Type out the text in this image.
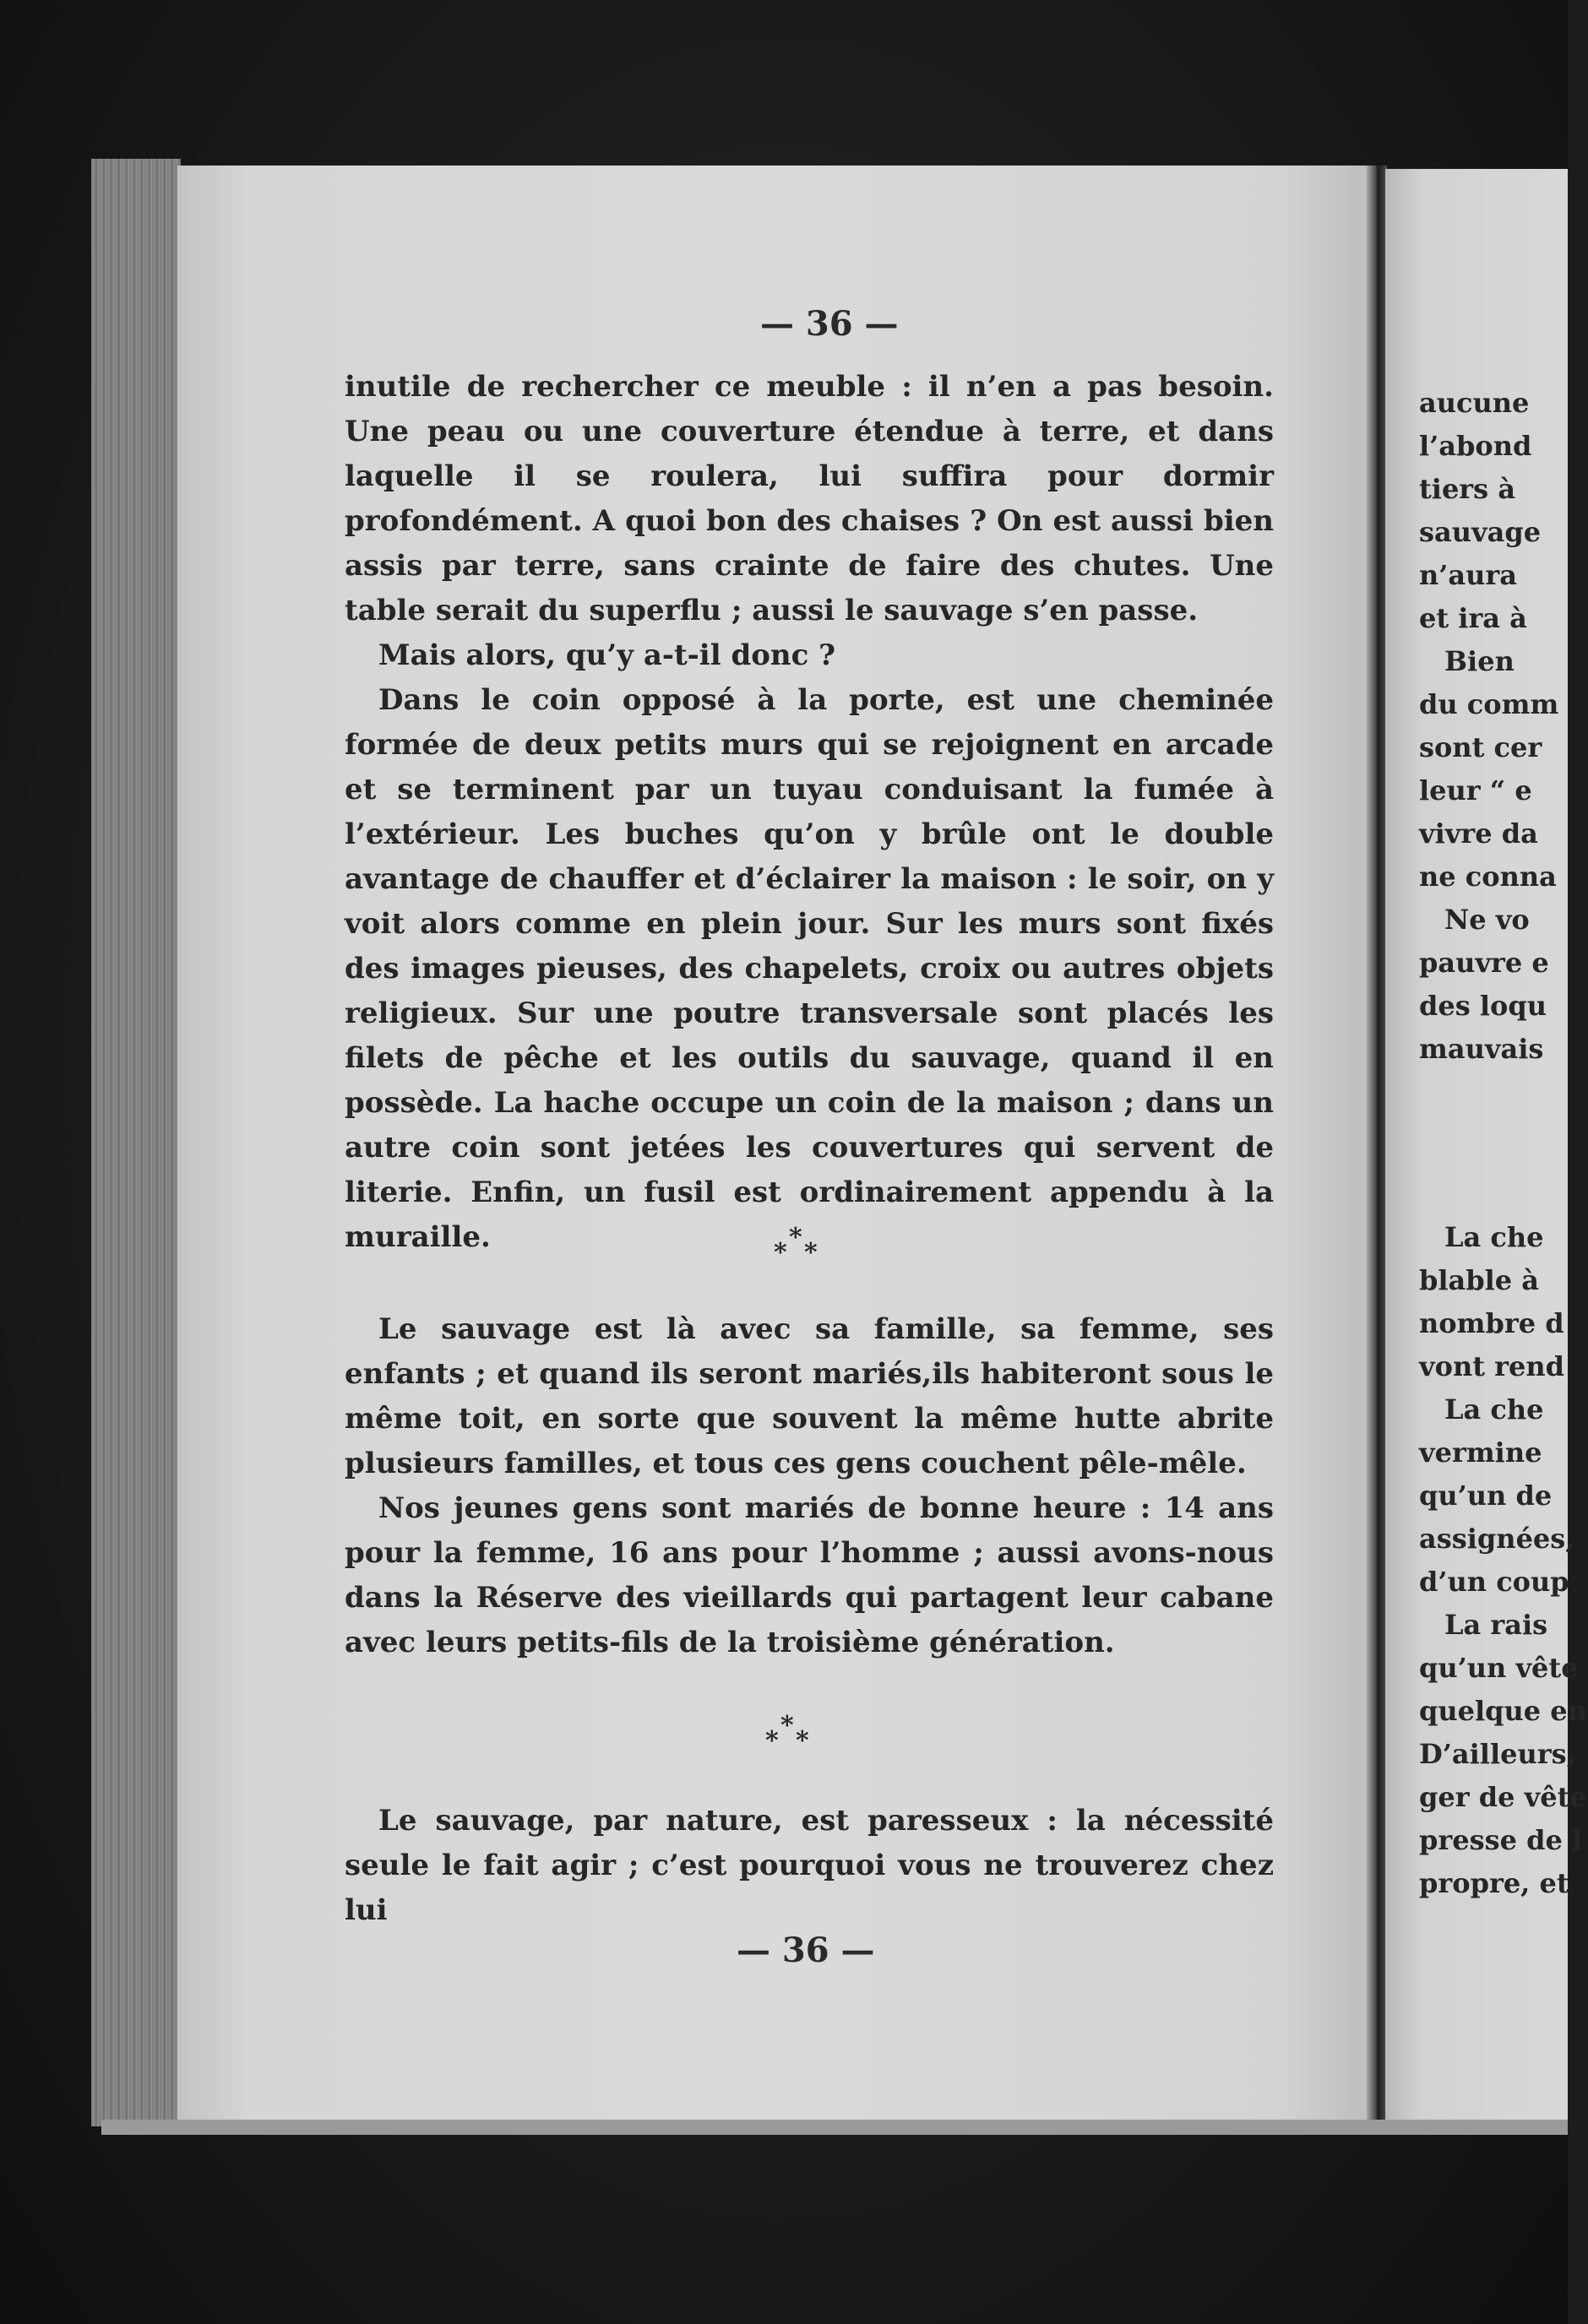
— 36 —

inutile de rechercher ce meuble : il n’en a pas besoin. Une peau ou une couverture étendue à terre, et dans laquelle il se roulera, lui suffira pour dormir profondément. A quoi bon des chaises ? On est aussi bien assis par terre, sans crainte de faire des chutes. Une table serait du superflu ; aussi le sauvage s’en passe.

Mais alors, qu’y a-t-il donc ?

Dans le coin opposé à la porte, est une cheminée formée de deux petits murs qui se rejoignent en arcade et se terminent par un tuyau conduisant la fumée à l’extérieur. Les buches qu’on y brûle ont le double avantage de chauffer et d’éclairer la maison : le soir, on y voit alors comme en plein jour. Sur les murs sont fixés des images pieuses, des chapelets, croix ou autres objets religieux. Sur une poutre transversale sont placés les filets de pêche et les outils du sauvage, quand il en possède. La hache occupe un coin de la maison ; dans un autre coin sont jetées les couvertures qui servent de literie. Enfin, un fusil est ordinairement appendu à la muraille.	*
* *

Le sauvage est là avec sa famille, sa femme, ses enfants ; et quand ils seront mariés,ils habiteront sous le même toit, en sorte que souvent la même hutte abrite plusieurs familles, et tous ces gens couchent pêle-mêle.

Nos jeunes gens sont mariés de bonne heure : 14 ans pour la femme, 16 ans pour l’homme ; aussi avons-nous dans la Réserve des vieillards qui partagent leur cabane avec leurs petits-fils de la troisième génération.

*
* *

Le sauvage, par nature, est paresseux : la nécessité seule le fait agir ; c’est pourquoi vous ne trouverez chez lui

— 36 —
aucune
l’abond
tiers à
sauvage
n’aura
et ira à
Bien
du comm
sont cer
leur “ e
vivre da
ne conna
Ne vo
pauvre e
des loqu
mauvais
La che
blable à
nombre d
vont rend
La che
vermine
qu’un de
assignées,
d’un coup
La rais
qu’un vête
quelque en
D’ailleurs,
ger de vête
presse de l
propre, et
